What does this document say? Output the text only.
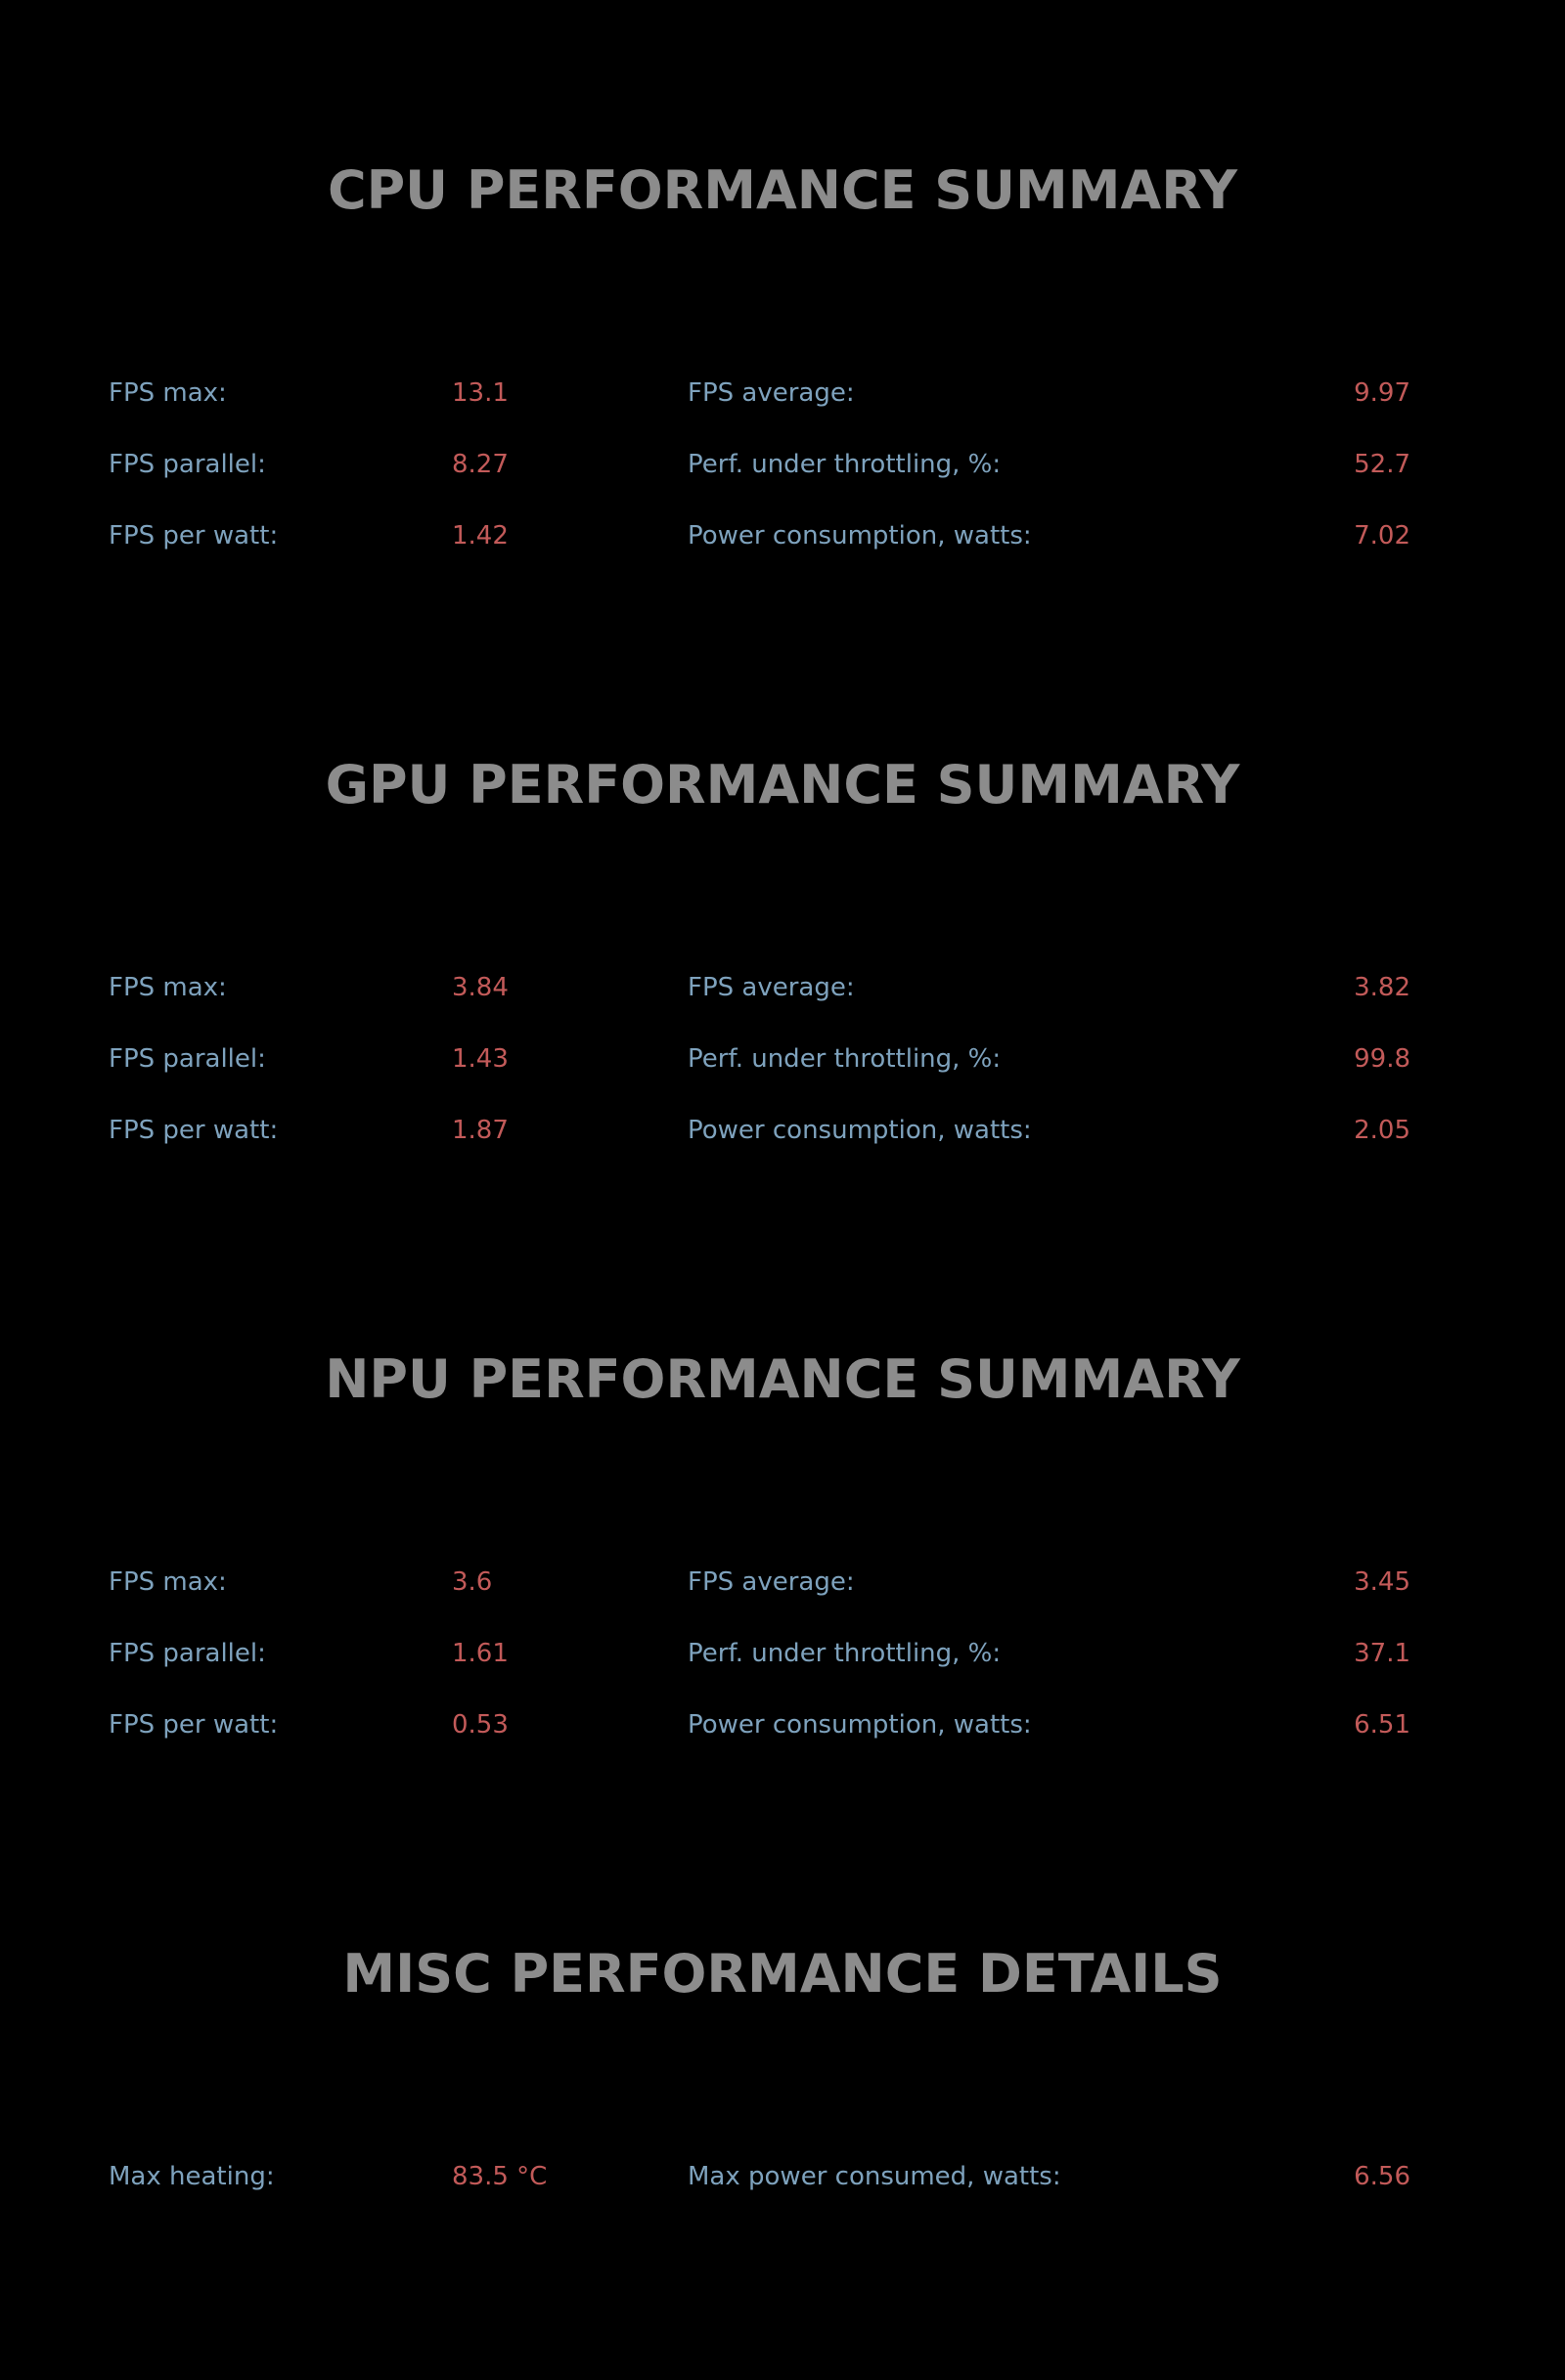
CPU PERFORMANCE SUMMARY
FPS max:	13.1	FPS average:	9.97
FPS parallel:	8.27	Perf. under throttling, %:	52.7
FPS per watt:	1.42	Power consumption, watts:	7.02
GPU PERFORMANCE SUMMARY
FPS max:	3.84	FPS average:	3.82
FPS parallel:	1.43	Perf. under throttling, %:	99.8
FPS per watt:	1.87	Power consumption, watts:	2.05
NPU PERFORMANCE SUMMARY
FPS max:	3.6	FPS average:	3.45
FPS parallel:	1.61	Perf. under throttling, %:	37.1
FPS per watt:	0.53	Power consumption, watts:	6.51
MISC PERFORMANCE DETAILS
Max heating:	83.5 °C	Max power consumed, watts:	6.56
